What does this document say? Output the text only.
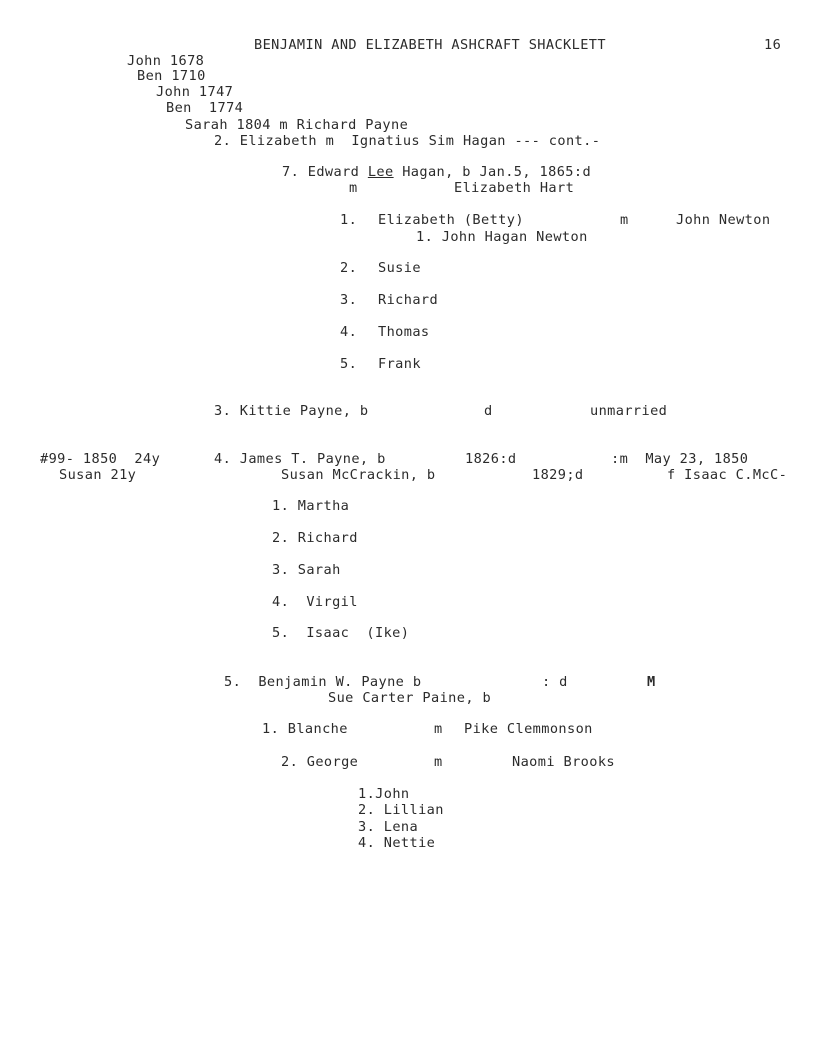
BENJAMIN AND ELIZABETH ASHCRAFT SHACKLETT	16
John 1678
Ben 1710
John 1747
Ben  1774
Sarah 1804 m Richard Payne
2. Elizabeth m  Ignatius Sim Hagan --- cont.-
7. Edward Lee Hagan, b Jan.5, 1865:d
m	Elizabeth Hart
1. Elizabeth (Betty)	m	John Newton
1. John Hagan Newton
2. Susie
3. Richard
4. Thomas
5. Frank
3. Kittie Payne, b	d	unmarried
#99- 1850  24y
Susan 21y
4. James T. Payne, b	1826:d	:m  May 23, 1850
Susan McCrackin, b	1829;d	f Isaac C.McC-
1. Martha
2. Richard
3. Sarah
4.  Virgil
5.  Isaac  (Ike)
5.  Benjamin W. Payne b	: d	M
Sue Carter Paine, b
1. Blanche	m Pike Clemmonson
2. George	m	Naomi Brooks
1.John
2. Lillian
3. Lena
4. Nettie
